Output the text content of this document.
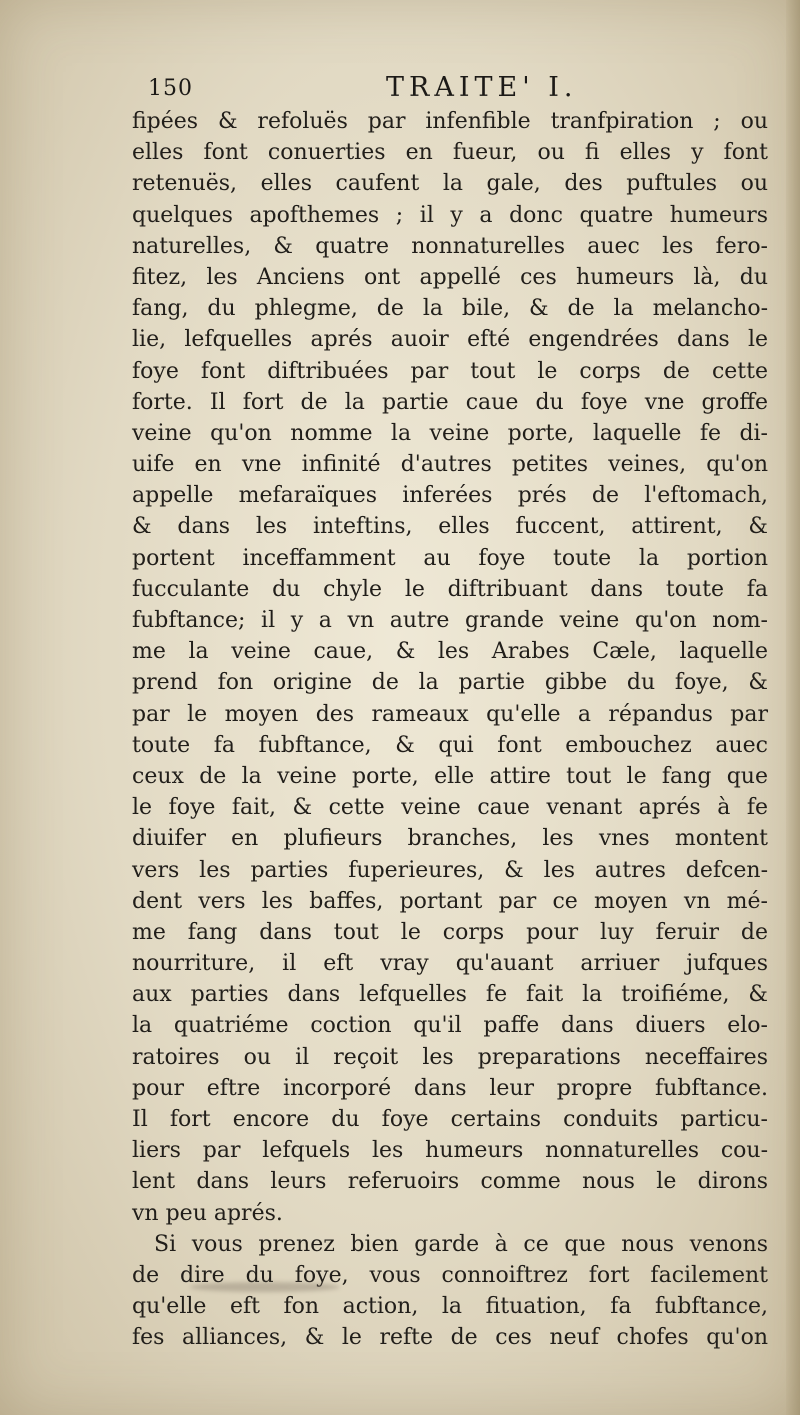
150	TRAITE' I.
fipées & refoluës par infenfible tranfpiration ; ou
elles font conuerties en fueur, ou fi elles y font
retenuës, elles caufent la gale, des puftules ou
quelques apofthemes ; il y a donc quatre humeurs
naturelles, & quatre nonnaturelles auec les fero-
fitez, les Anciens ont appellé ces humeurs là, du
fang, du phlegme, de la bile, & de la melancho-
lie, lefquelles aprés auoir efté engendrées dans le
foye font diftribuées par tout le corps de cette
forte. Il fort de la partie caue du foye vne groffe
veine qu'on nomme la veine porte, laquelle fe di-
uife en vne infinité d'autres petites veines, qu'on
appelle mefaraïques inferées prés de l'eftomach,
& dans les inteftins, elles fuccent, attirent, &
portent inceffamment au foye toute la portion
fucculante du chyle le diftribuant dans toute fa
fubftance; il y a vn autre grande veine qu'on nom-
me la veine caue, & les Arabes Cæle, laquelle
prend fon origine de la partie gibbe du foye, &
par le moyen des rameaux qu'elle a répandus par
toute fa fubftance, & qui font embouchez auec
ceux de la veine porte, elle attire tout le fang que
le foye fait, & cette veine caue venant aprés à fe
diuifer en plufieurs branches, les vnes montent
vers les parties fuperieures, & les autres defcen-
dent vers les baffes, portant par ce moyen vn mé-
me fang dans tout le corps pour luy feruir de
nourriture, il eft vray qu'auant arriuer jufques
aux parties dans lefquelles fe fait la troifiéme, &
la quatriéme coction qu'il paffe dans diuers elo-
ratoires ou il reçoit les preparations neceffaires
pour eftre incorporé dans leur propre fubftance.
Il fort encore du foye certains conduits particu-
liers par lefquels les humeurs nonnaturelles cou-
lent dans leurs referuoirs comme nous le dirons
vn peu aprés.
Si vous prenez bien garde à ce que nous venons
de dire du foye, vous connoiftrez fort facilement
qu'elle eft fon action, la fituation, fa fubftance,
fes alliances, & le refte de ces neuf chofes qu'on
